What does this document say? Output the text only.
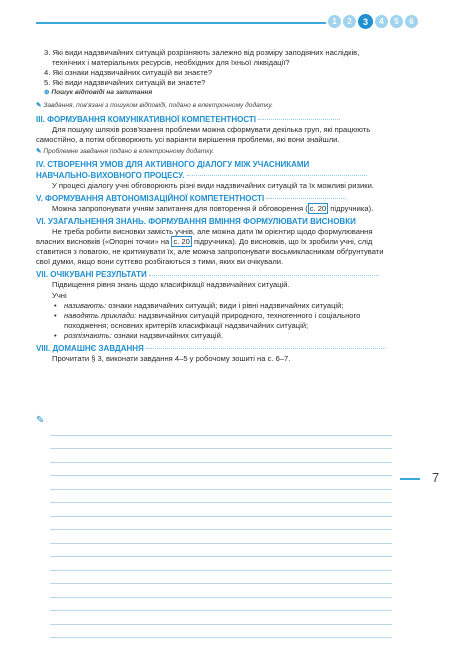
1	2	3	4	5	6

3. Які види надзвичайних ситуацій розрізняють залежно від розміру заподіяних наслідків, технічних і матеріальних ресурсів, необхідних для їхньої ліквідації?

4. Які ознаки надзвичайних ситуацій ви знаєте?

5. Які види надзвичайних ситуацій ви знаєте?

⊕ Пошук відповіді на запитання

✎ Завдання, пов'язані з пошуком відповіді, подано в електронному додатку.

III. ФОРМУВАННЯ КОМУНІКАТИВНОЇ КОМПЕТЕНТНОСТІ

Для пошуку шляхів розв'язання проблеми можна сформувати декілька груп, які працюють самостійно, а потім обговорюють усі варіанти вирішення проблеми, які вони знайшли.

✎ Проблемне завдання подано в електронному додатку.

IV. СТВОРЕННЯ УМОВ ДЛЯ АКТИВНОГО ДІАЛОГУ МІЖ УЧАСНИКАМИ
НАВЧАЛЬНО-ВИХОВНОГО ПРОЦЕСУ.

У процесі діалогу учні обговорюють різні види надзвичайних ситуацій та їх можливі ризики.

V. ФОРМУВАННЯ АВТОНОМІЗАЦІЙНОЇ КОМПЕТЕНТНОСТІ

Можна запропонувати учням запитання для повторення й обговорення ( с. 20 підручника).

VI. УЗАГАЛЬНЕННЯ ЗНАНЬ. ФОРМУВАННЯ ВМІННЯ ФОРМУЛЮВАТИ ВИСНОВКИ

Не треба робити висновки замість учнів, але можна дати їм орієнтир щодо формулювання власних висновків («Опорні точки» на с. 20 підручника). До висновків, що їх зробили учні, слід ставитися з повагою, не критикувати їх, але можна запропонувати восьмикласникам обґрунтувати свої думки, якщо вони суттєво розбігаються з тими, яких ви очікували.

VII. ОЧІКУВАНІ РЕЗУЛЬТАТИ

Підвищення рівня знань щодо класифікації надзвичайних ситуацій.

Учні

• називають: ознаки надзвичайних ситуацій; види і рівні надзвичайних ситуацій;

• наводять приклади: надзвичайних ситуацій природного, техногенного і соціального походження; основних критеріїв класифікації надзвичайних ситуацій;

• розпізнають: ознаки надзвичайних ситуацій.

VIII. ДОМАШНЄ ЗАВДАННЯ

Прочитати § 3, виконати завдання 4–5 у робочому зошиті на с. 6–7.

✎
7
